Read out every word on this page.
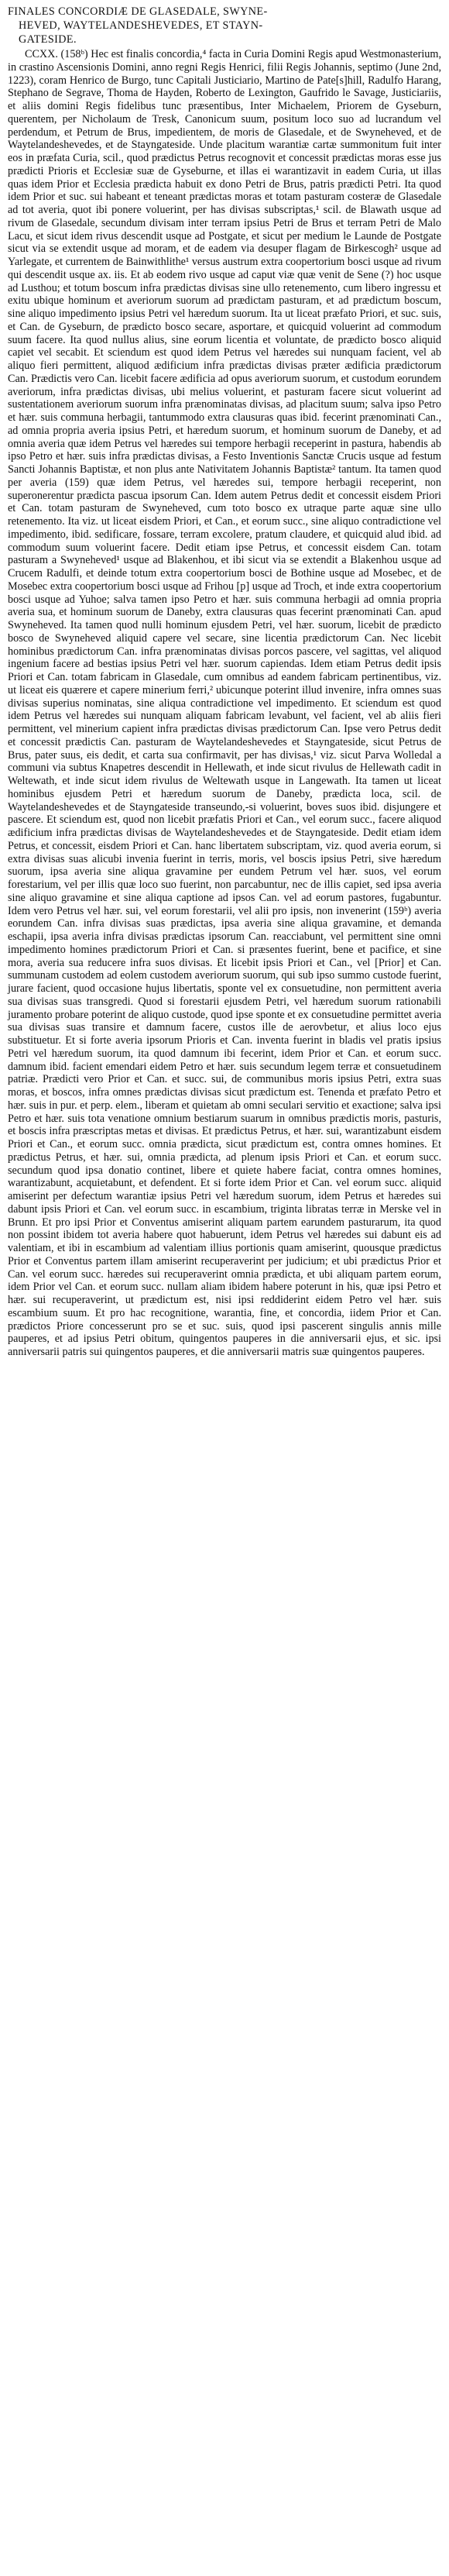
FINALES CONCORDIÆ DE GLASEDALE, SWYNE-
HEVED, WAYTELANDESHEVEDES, ET STAYN-
GATESIDE.

CCXX. (158ᵇ) Hec est finalis concordia,⁴ facta in Curia Domini Regis apud Westmonasterium, in crastino Ascensionis Domini, anno regni Regis Henrici, filii Regis Johannis, septimo (June 2nd, 1223), coram Henrico de Burgo, tunc Capitali Justiciario, Martino de Pate[s]hill, Radulfo Harang, Stephano de Segrave, Thoma de Hayden, Roberto de Lexington, Gaufrido le Savage, Justiciariis, et aliis domini Regis fidelibus tunc præsentibus, Inter Michaelem, Priorem de Gyseburn, querentem, per Nicholaum de Tresk, Canonicum suum, positum loco suo ad lucrandum vel perdendum, et Petrum de Brus, impedientem, de moris de Glasedale, et de Swyneheved, et de Waytelandeshevedes, et de Stayngateside. Unde placitum warantiæ cartæ summonitum fuit inter eos in præfata Curia, scil., quod prædictus Petrus recognovit et concessit prædictas moras esse jus prædicti Prioris et Ecclesiæ suæ de Gyseburne, et illas ei warantizavit in eadem Curia, ut illas quas idem Prior et Ecclesia prædicta habuit ex dono Petri de Brus, patris prædicti Petri. Ita quod idem Prior et suc. sui habeant et teneant prædictas moras et totam pasturam costeræ de Glasedale ad tot averia, quot ibi ponere voluerint, per has divisas subscriptas,¹ scil. de Blawath usque ad rivum de Glasedale, secundum divisam inter terram ipsius Petri de Brus et terram Petri de Malo Lacu, et sicut idem rivus descendit usque ad Postgate, et sicut per medium le Launde de Postgate sicut via se extendit usque ad moram, et de eadem via desuper flagam de Birkescogh² usque ad Yarlegate, et currentem de Bainwithlithe¹ versus austrum extra coopertorium bosci usque ad rivum qui descendit usque ax. iis. Et ab eodem rivo usque ad caput viæ quæ venit de Sene (?) hoc usque ad Lusthou; et totum boscum infra prædictas divisas sine ullo retenemento, cum libero ingressu et exitu ubique hominum et averiorum suorum ad prædictam pasturam, et ad prædictum boscum, sine aliquo impedimento ipsius Petri vel hæredum suorum. Ita ut liceat præfato Priori, et suc. suis, et Can. de Gyseburn, de prædicto bosco secare, asportare, et quicquid voluerint ad commodum suum facere. Ita quod nullus alius, sine eorum licentia et voluntate, de prædicto bosco aliquid capiet vel secabit. Et sciendum est quod idem Petrus vel hæredes sui nunquam facient, vel ab aliquo fieri permittent, aliquod ædificium infra prædictas divisas præter ædificia prædictorum Can. Prædictis vero Can. licebit facere ædificia ad opus averiorum suorum, et custodum eorundem averiorum, infra prædictas divisas, ubi melius voluerint, et pasturam facere sicut voluerint ad sustentationem averiorum suorum infra prænominatas divisas, ad placitum suum; salva ipso Petro et hær. suis communa herbagii, tantummodo extra clausuras quas ibid. fecerint prænominati Can., ad omnia propria averia ipsius Petri, et hæredum suorum, et hominum suorum de Daneby, et ad omnia averia quæ idem Petrus vel hæredes sui tempore herbagii receperint in pastura, habendis ab ipso Petro et hær. suis infra prædictas divisas, a Festo Inventionis Sanctæ Crucis usque ad festum Sancti Johannis Baptistæ, et non plus ante Nativitatem Johannis Baptistæ² tantum. Ita tamen quod per averia (159) quæ idem Petrus, vel hæredes sui, tempore herbagii receperint, non superonerentur prædicta pascua ipsorum Can. Idem autem Petrus dedit et concessit eisdem Priori et Can. totam pasturam de Swyneheved, cum toto bosco ex utraque parte aquæ sine ullo retenemento. Ita viz. ut liceat eisdem Priori, et Can., et eorum succ., sine aliquo contradictione vel impedimento, ibid. sedificare, fossare, terram excolere, pratum claudere, et quicquid alud ibid. ad commodum suum voluerint facere. Dedit etiam ipse Petrus, et concessit eisdem Can. totam pasturam a Swyneheved¹ usque ad Blakenhou, et ibi sicut via se extendit a Blakenhou usque ad Crucem Radulfi, et deinde totum extra coopertorium bosci de Bothine usque ad Mosebec, et de Mosebec extra coopertorium bosci usque ad Frihou [p] usque ad Troch, et inde extra coopertorium bosci usque ad Yuhoe; salva tamen ipso Petro et hær. suis communa herbagii ad omnia propria averia sua, et hominum suorum de Daneby, extra clausuras quas fecerint prænominati Can. apud Swyneheved. Ita tamen quod nulli hominum ejusdem Petri, vel hær. suorum, licebit de prædicto bosco de Swyneheved aliquid capere vel secare, sine licentia prædictorum Can. Nec licebit hominibus prædictorum Can. infra prænominatas divisas porcos pascere, vel sagittas, vel aliquod ingenium facere ad bestias ipsius Petri vel hær. suorum capiendas. Idem etiam Petrus dedit ipsis Priori et Can. totam fabricam in Glasedale, cum omnibus ad eandem fabricam pertinentibus, viz. ut liceat eis quærere et capere minerium ferri,² ubicunque poterint illud invenire, infra omnes suas divisas superius nominatas, sine aliqua contradictione vel impedimento. Et sciendum est quod idem Petrus vel hæredes sui nunquam aliquam fabricam levabunt, vel facient, vel ab aliis fieri permittent, vel minerium capient infra prædictas divisas prædictorum Can. Ipse vero Petrus dedit et concessit prædictis Can. pasturam de Waytelandeshevedes et Stayngateside, sicut Petrus de Brus, pater suus, eis dedit, et carta sua confirmavit, per has divisas,¹ viz. sicut Parva Wolledal a communi via subtus Knapetres descendit in Hellewath, et inde sicut rivulus de Hellewath cadit in Weltewath, et inde sicut idem rivulus de Weltewath usque in Langewath. Ita tamen ut liceat hominibus ejusdem Petri et hæredum suorum de Daneby, prædicta loca, scil. de Waytelandeshevedes et de Stayngateside transeundo,-si voluerint, boves suos ibid. disjungere et pascere. Et sciendum est, quod non licebit præfatis Priori et Can., vel eorum succ., facere aliquod ædificium infra prædictas divisas de Waytelandeshevedes et de Stayngateside. Dedit etiam idem Petrus, et concessit, eisdem Priori et Can. hanc libertatem subscriptam, viz. quod averia eorum, si extra divisas suas alicubi invenia fuerint in terris, moris, vel boscis ipsius Petri, sive hæredum suorum, ipsa averia sine aliqua gravamine per eundem Petrum vel hær. suos, vel eorum forestarium, vel per illis quæ loco suo fuerint, non parcabuntur, nec de illis capiet, sed ipsa averia sine aliquo gravamine et sine aliqua captione ad ipsos Can. vel ad eorum pastores, fugabuntur. Idem vero Petrus vel hær. sui, vel eorum forestarii, vel alii pro ipsis, non invenerint (159ᵇ) averia eorundem Can. infra divisas suas prædictas, ipsa averia sine aliqua gravamine, et demanda eschapii, ipsa averia infra divisas prædictas ipsorum Can. reacciabunt, vel permittent sine omni impedimento homines prædictorum Priori et Can. si præsentes fuerint, bene et pacifice, et sine mora, averia sua reducere infra suos divisas. Et licebit ipsis Priori et Can., vel [Prior] et Can. summunam custodem ad eolem custodem averiorum suorum, qui sub ipso summo custode fuerint, jurare facient, quod occasione hujus libertatis, sponte vel ex consuetudine, non permittent averia sua divisas suas transgredi. Quod si forestarii ejusdem Petri, vel hæredum suorum rationabili juramento probare poterint de aliquo custode, quod ipse sponte et ex consuetudine permittet averia sua divisas suas transire et damnum facere, custos ille de aerovbetur, et alius loco ejus substituetur. Et si forte averia ipsorum Prioris et Can. inventa fuerint in bladis vel pratis ipsius Petri vel hæredum suorum, ita quod damnum ibi fecerint, idem Prior et Can. et eorum succ. damnum ibid. facient emendari eidem Petro et hær. suis secundum legem terræ et consuetudinem patriæ. Prædicti vero Prior et Can. et succ. sui, de communibus moris ipsius Petri, extra suas moras, et boscos, infra omnes prædictas divisas sicut prædictum est. Tenenda et præfato Petro et hær. suis in pur. et perp. elem., liberam et quietam ab omni seculari servitio et exactione; salva ipsi Petro et hær. suis tota venatione omnium bestiarum suarum in omnibus prædictis moris, pasturis, et boscis infra præscriptas metas et divisas. Et prædictus Petrus, et hær. sui, warantizabunt eisdem Priori et Can., et eorum succ. omnia prædicta, sicut prædictum est, contra omnes homines. Et prædictus Petrus, et hær. sui, omnia prædicta, ad plenum ipsis Priori et Can. et eorum succ. secundum quod ipsa donatio continet, libere et quiete habere faciat, contra omnes homines, warantizabunt, acquietabunt, et defendent. Et si forte idem Prior et Can. vel eorum succ. aliquid amiserint per defectum warantiæ ipsius Petri vel hæredum suorum, idem Petrus et hæredes sui dabunt ipsis Priori et Can. vel eorum succ. in escambium, triginta libratas terræ in Merske vel in Brunn. Et pro ipsi Prior et Conventus amiserint aliquam partem earundem pasturarum, ita quod non possint ibidem tot averia habere quot habuerunt, idem Petrus vel hæredes sui dabunt eis ad valentiam, et ibi in escambium ad valentiam illius portionis quam amiserint, quousque prædictus Prior et Conventus partem illam amiserint recuperaverint per judicium; et ubi prædictus Prior et Can. vel eorum succ. hæredes sui recuperaverint omnia prædicta, et ubi aliquam partem eorum, idem Prior vel Can. et eorum succ. nullam aliam ibidem habere poterunt in his, quæ ipsi Petro et hær. sui recuperaverint, ut prædictum est, nisi ipsi reddiderint eidem Petro vel hær. suis escambium suum. Et pro hac recognitione, warantia, fine, et concordia, iidem Prior et Can. prædictos Priore concesserunt pro se et suc. suis, quod ipsi pascerent singulis annis mille pauperes, et ad ipsius Petri obitum, quingentos pauperes in die anniversarii ejus, et sic. ipsi anniversarii patris sui quingentos pauperes, et die anniversarii matris suæ quingentos pauperes.
